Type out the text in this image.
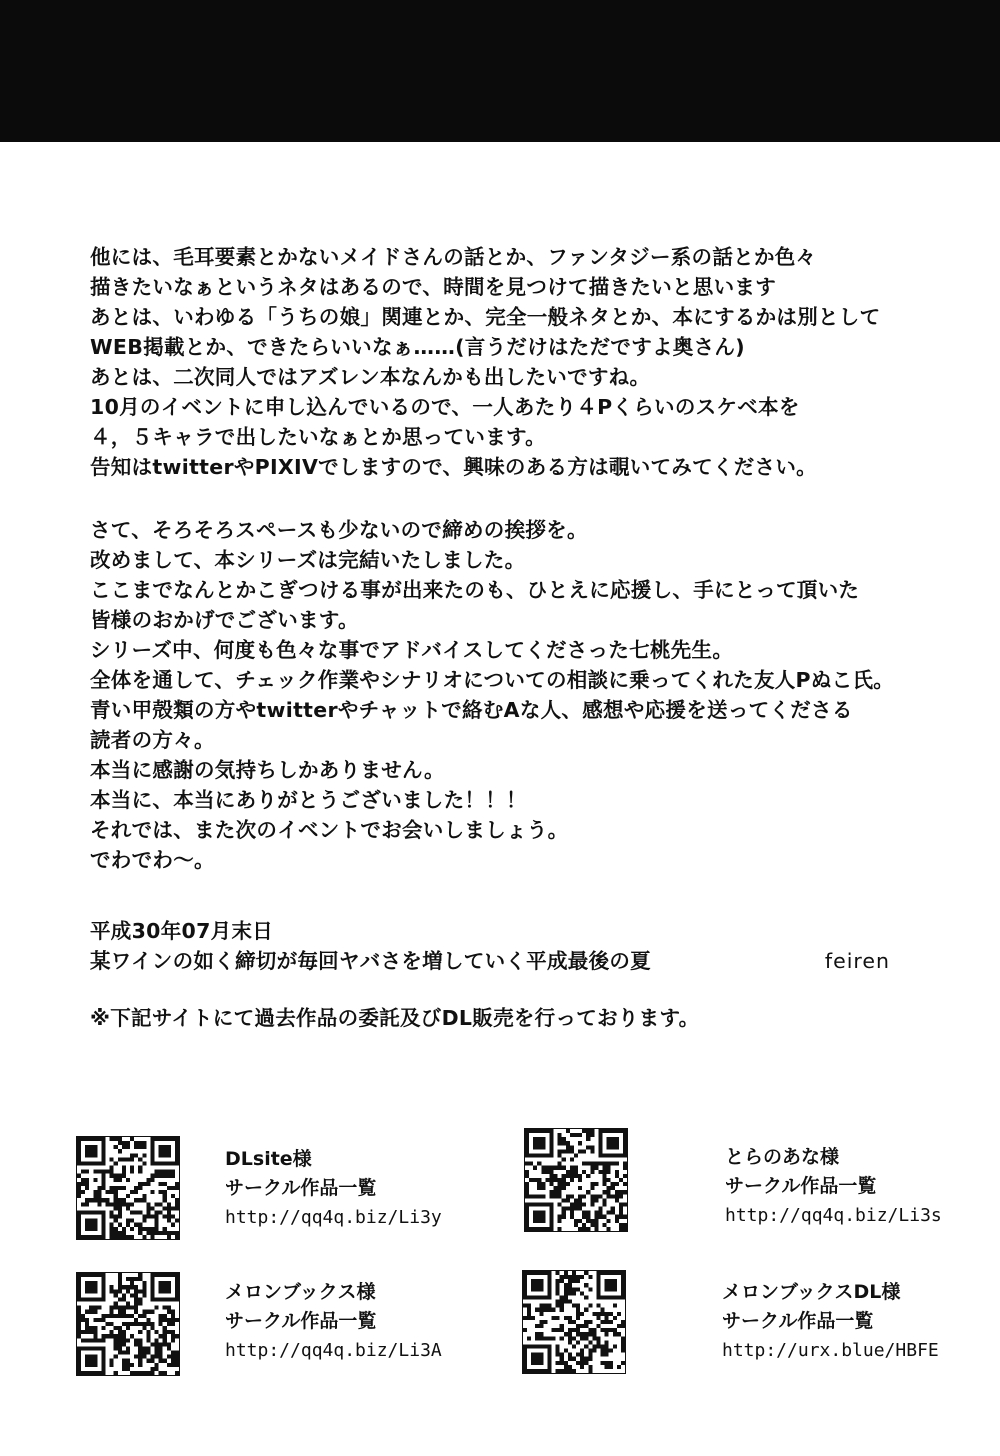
他には、毛耳要素とかないメイドさんの話とか、ファンタジー系の話とか色々
描きたいなぁというネタはあるので、時間を見つけて描きたいと思います
あとは、いわゆる「うちの娘」関連とか、完全一般ネタとか、本にするかは別として
WEB掲載とか、できたらいいなぁ……(言うだけはただですよ奥さん)
あとは、二次同人ではアズレン本なんかも出したいですね。
10月のイベントに申し込んでいるので、一人あたり４Pくらいのスケベ本を
４，５キャラで出したいなぁとか思っています。
告知はtwitterやPIXIVでしますので、興味のある方は覗いてみてください。
さて、そろそろスペースも少ないので締めの挨拶を。
改めまして、本シリーズは完結いたしました。
ここまでなんとかこぎつける事が出来たのも、ひとえに応援し、手にとって頂いた
皆様のおかげでございます。
シリーズ中、何度も色々な事でアドバイスしてくださった七桃先生。
全体を通して、チェック作業やシナリオについての相談に乗ってくれた友人Pぬこ氏。
青い甲殻類の方やtwitterやチャットで絡むAな人、感想や応援を送ってくださる
読者の方々。
本当に感謝の気持ちしかありません。
本当に、本当にありがとうございました！！！
それでは、また次のイベントでお会いしましょう。
でわでわ～。
平成30年07月末日
某ワインの如く締切が毎回ヤバさを増していく平成最後の夏	feiren
※下記サイトにて過去作品の委託及びDL販売を行っております。
DLsite様
サークル作品一覧
http://qq4q.biz/Li3y
とらのあな様
サークル作品一覧
http://qq4q.biz/Li3s
メロンブックス様
サークル作品一覧
http://qq4q.biz/Li3A
メロンブックスDL様
サークル作品一覧
http://urx.blue/HBFE
